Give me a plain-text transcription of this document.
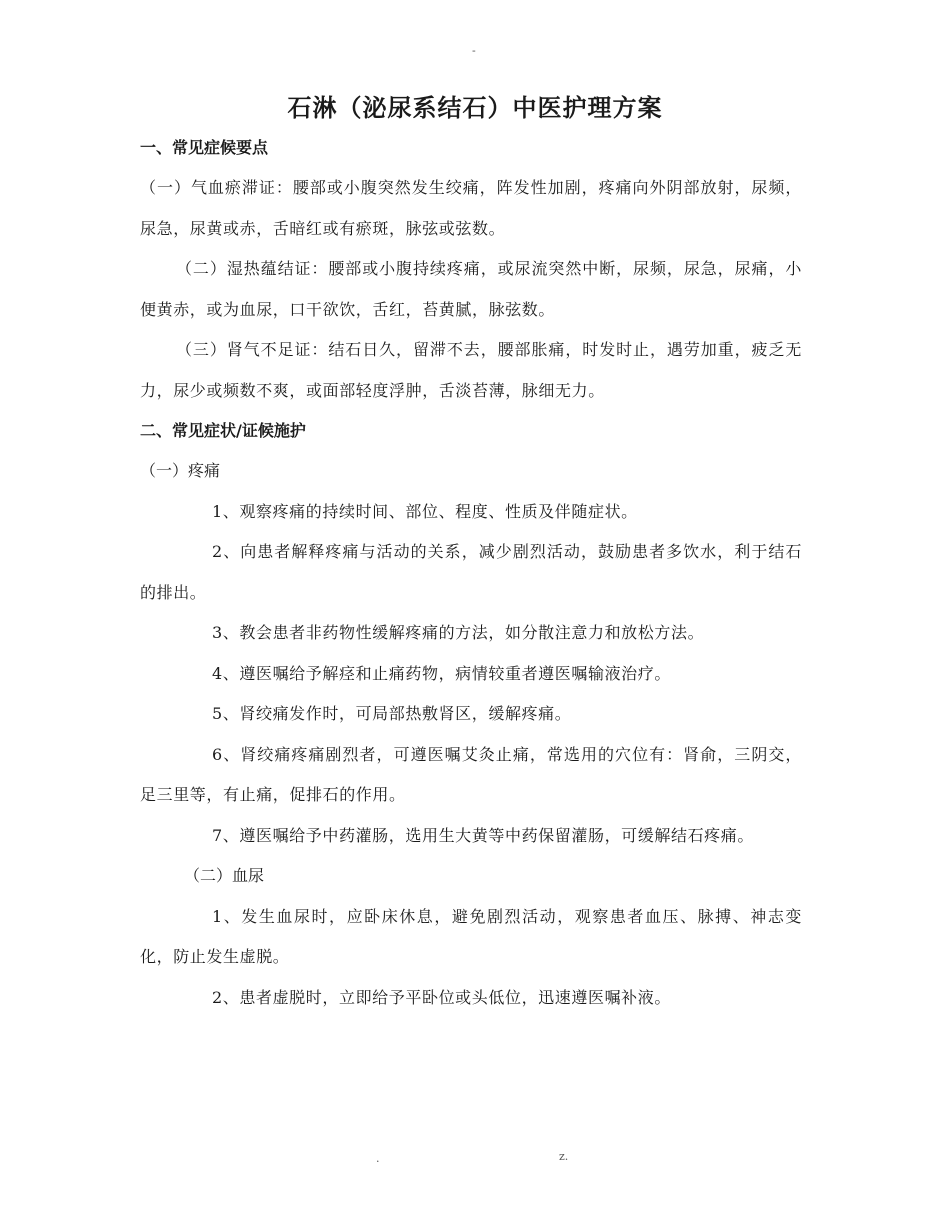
-
石淋（泌尿系结石）中医护理方案
一、常见症候要点
（一）气血瘀滞证：腰部或小腹突然发生绞痛，阵发性加剧，疼痛向外阴部放射，尿频，尿急，尿黄或赤，舌暗红或有瘀斑，脉弦或弦数。
（二）湿热蕴结证：腰部或小腹持续疼痛，或尿流突然中断，尿频，尿急，尿痛，小便黄赤，或为血尿，口干欲饮，舌红，苔黄腻，脉弦数。
（三）肾气不足证：结石日久，留滞不去，腰部胀痛，时发时止，遇劳加重，疲乏无力，尿少或频数不爽，或面部轻度浮肿，舌淡苔薄，脉细无力。
二、常见症状/证候施护
（一）疼痛
1、观察疼痛的持续时间、部位、程度、性质及伴随症状。
2、向患者解释疼痛与活动的关系，减少剧烈活动，鼓励患者多饮水，利于结石的排出。
3、教会患者非药物性缓解疼痛的方法，如分散注意力和放松方法。
4、遵医嘱给予解痉和止痛药物，病情较重者遵医嘱输液治疗。
5、肾绞痛发作时，可局部热敷肾区，缓解疼痛。
6、肾绞痛疼痛剧烈者，可遵医嘱艾灸止痛，常选用的穴位有：肾俞，三阴交，足三里等，有止痛，促排石的作用。
7、遵医嘱给予中药灌肠，选用生大黄等中药保留灌肠，可缓解结石疼痛。
（二）血尿
1、发生血尿时，应卧床休息，避免剧烈活动，观察患者血压、脉搏、神志变化，防止发生虚脱。
2、患者虚脱时，立即给予平卧位或头低位，迅速遵医嘱补液。
.	z.
